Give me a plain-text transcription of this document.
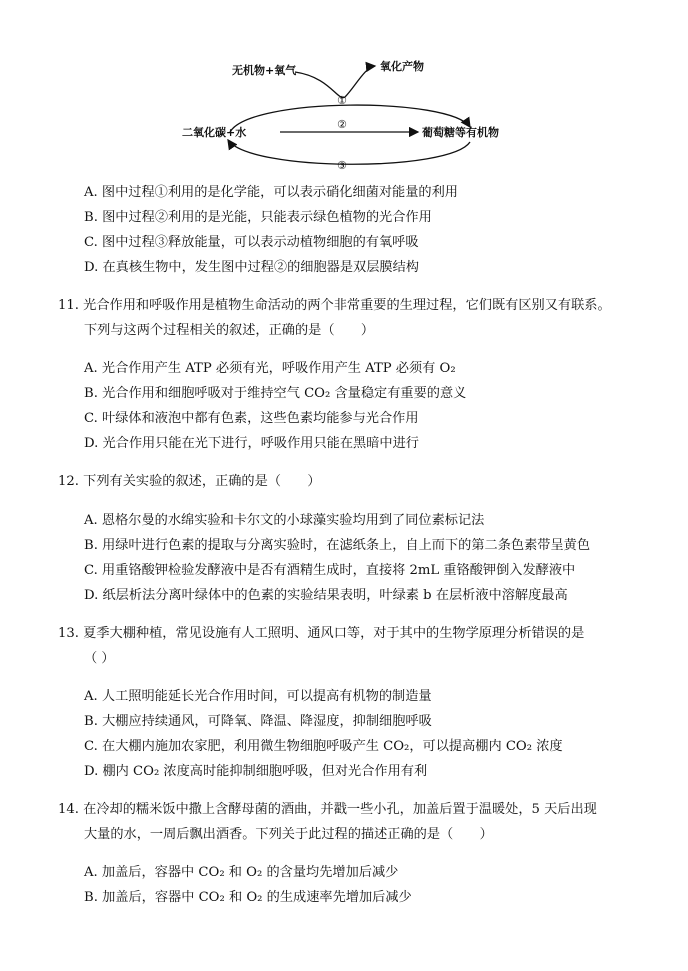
无机物+氧气	氧化产物
二氧化碳+水	葡萄糖等有机物
①
②
③
A. 图中过程①利用的是化学能，可以表示硝化细菌对能量的利用
B. 图中过程②利用的是光能，只能表示绿色植物的光合作用
C. 图中过程③释放能量，可以表示动植物细胞的有氧呼吸
D. 在真核生物中，发生图中过程②的细胞器是双层膜结构
11. 光合作用和呼吸作用是植物生命活动的两个非常重要的生理过程，它们既有区别又有联系。
下列与这两个过程相关的叙述，正确的是（　　）
A. 光合作用产生 ATP 必须有光，呼吸作用产生 ATP 必须有 O₂
B. 光合作用和细胞呼吸对于维持空气 CO₂ 含量稳定有重要的意义
C. 叶绿体和液泡中都有色素，这些色素均能参与光合作用
D. 光合作用只能在光下进行，呼吸作用只能在黑暗中进行
12. 下列有关实验的叙述，正确的是（　　）
A. 恩格尔曼的水绵实验和卡尔文的小球藻实验均用到了同位素标记法
B. 用绿叶进行色素的提取与分离实验时，在滤纸条上，自上而下的第二条色素带呈黄色
C. 用重铬酸钾检验发酵液中是否有酒精生成时，直接将 2mL 重铬酸钾倒入发酵液中
D. 纸层析法分离叶绿体中的色素的实验结果表明，叶绿素 b 在层析液中溶解度最高
13. 夏季大棚种植，常见设施有人工照明、通风口等，对于其中的生物学原理分析错误的是
（ ）
A. 人工照明能延长光合作用时间，可以提高有机物的制造量
B. 大棚应持续通风，可降氧、降温、降湿度，抑制细胞呼吸
C. 在大棚内施加农家肥，利用微生物细胞呼吸产生 CO₂，可以提高棚内 CO₂ 浓度
D. 棚内 CO₂ 浓度高时能抑制细胞呼吸，但对光合作用有利
14. 在冷却的糯米饭中撒上含酵母菌的酒曲，并戳一些小孔，加盖后置于温暖处，5 天后出现
大量的水，一周后飘出酒香。下列关于此过程的描述正确的是（　　）
A. 加盖后，容器中 CO₂ 和 O₂ 的含量均先增加后减少
B. 加盖后，容器中 CO₂ 和 O₂ 的生成速率先增加后减少
